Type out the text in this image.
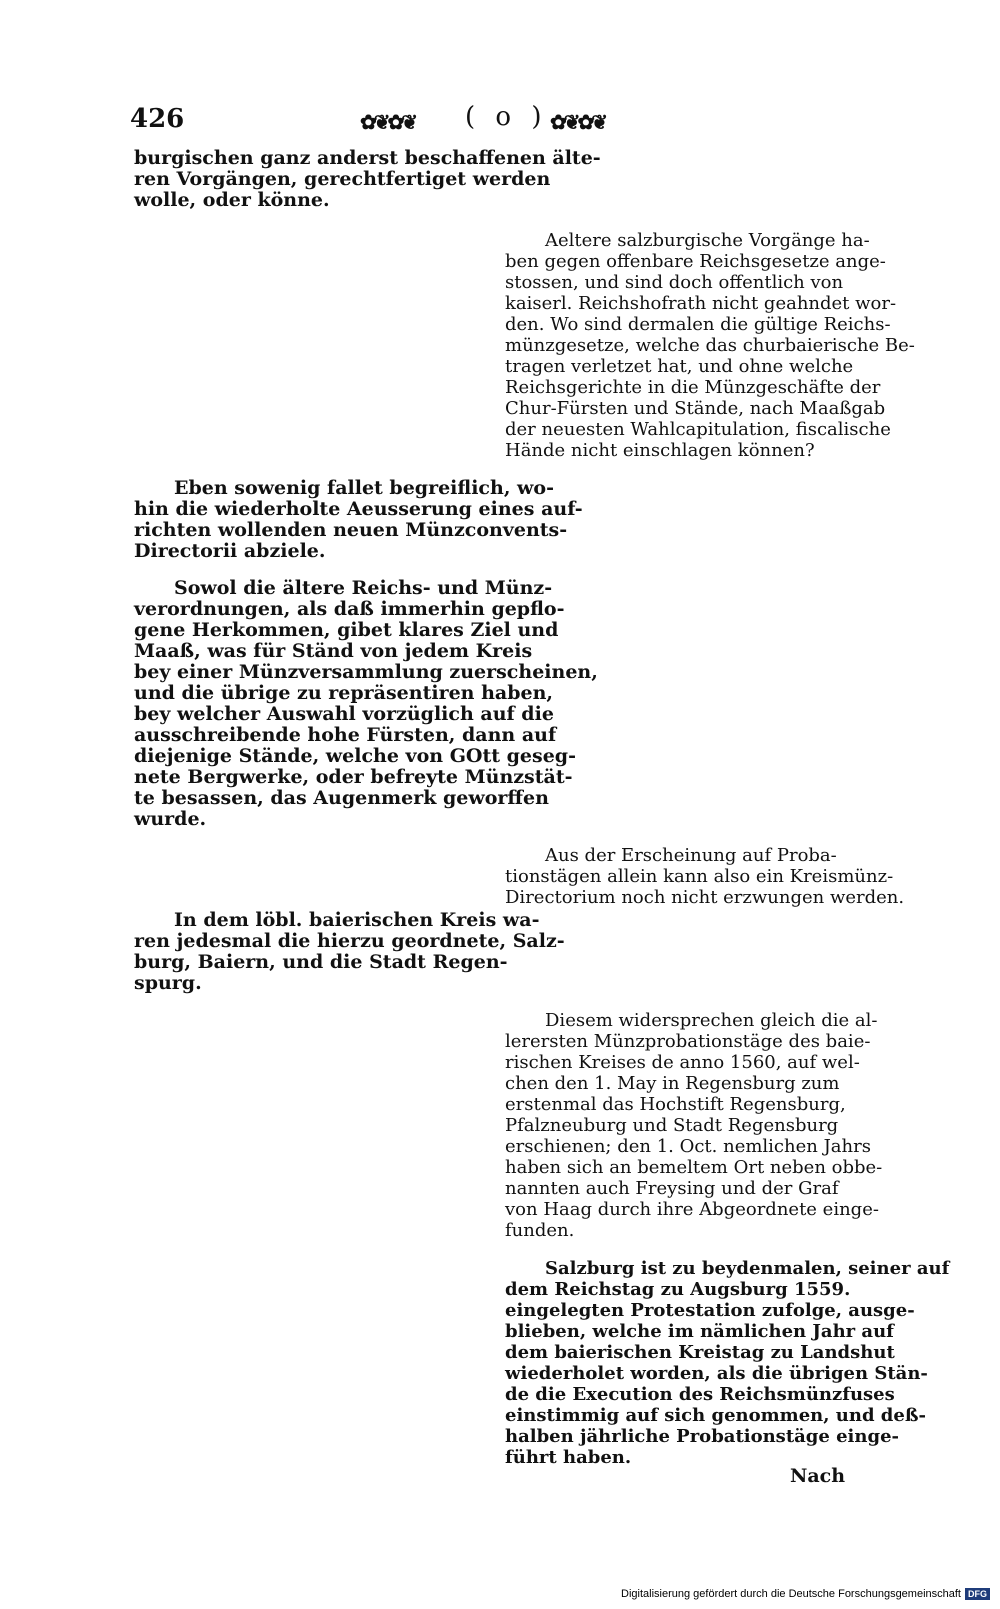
426	✿❦✿❦ ( o ) ✿❦✿❦
burgischen ganz anderst beschaffenen älte-
ren Vorgängen, gerechtfertiget werden
wolle, oder könne.
Eben sowenig fallet begreiflich, wo-
hin die wiederholte Aeusserung eines auf-
richten wollenden neuen Münzconvents-
Directorii abziele.
Sowol die ältere Reichs- und Münz-
verordnungen, als daß immerhin gepflo-
gene Herkommen, gibet klares Ziel und
Maaß, was für Ständ von jedem Kreis
bey einer Münzversammlung zuerscheinen,
und die übrige zu repräsentiren haben,
bey welcher Auswahl vorzüglich auf die
ausschreibende hohe Fürsten, dann auf
diejenige Stände, welche von GOtt geseg-
nete Bergwerke, oder befreyte Münzstät-
te besassen, das Augenmerk geworffen
wurde.
In dem löbl. baierischen Kreis wa-
ren jedesmal die hierzu geordnete, Salz-
burg, Baiern, und die Stadt Regen-
spurg.
Aeltere salzburgische Vorgänge ha-
ben gegen offenbare Reichsgesetze ange-
stossen, und sind doch offentlich von
kaiserl. Reichshofrath nicht geahndet wor-
den. Wo sind dermalen die gültige Reichs-
münzgesetze, welche das churbaierische Be-
tragen verletzet hat, und ohne welche
Reichsgerichte in die Münzgeschäfte der
Chur-Fürsten und Stände, nach Maaßgab
der neuesten Wahlcapitulation, fiscalische
Hände nicht einschlagen können?
Aus der Erscheinung auf Proba-
tionstägen allein kann also ein Kreismünz-
Directorium noch nicht erzwungen werden.
Diesem widersprechen gleich die al-
lerersten Münzprobationstäge des baie-
rischen Kreises de anno 1560, auf wel-
chen den 1. May in Regensburg zum
erstenmal das Hochstift Regensburg,
Pfalzneuburg und Stadt Regensburg
erschienen; den 1. Oct. nemlichen Jahrs
haben sich an bemeltem Ort neben obbe-
nannten auch Freysing und der Graf
von Haag durch ihre Abgeordnete einge-
funden.
Salzburg ist zu beydenmalen, seiner auf
dem Reichstag zu Augsburg 1559.
eingelegten Protestation zufolge, ausge-
blieben, welche im nämlichen Jahr auf
dem baierischen Kreistag zu Landshut
wiederholet worden, als die übrigen Stän-
de die Execution des Reichsmünzfuses
einstimmig auf sich genommen, und deß-
halben jährliche Probationstäge einge-
führt haben.
Nach
Digitalisierung gefördert durch die Deutsche Forschungsgemeinschaft DFG
